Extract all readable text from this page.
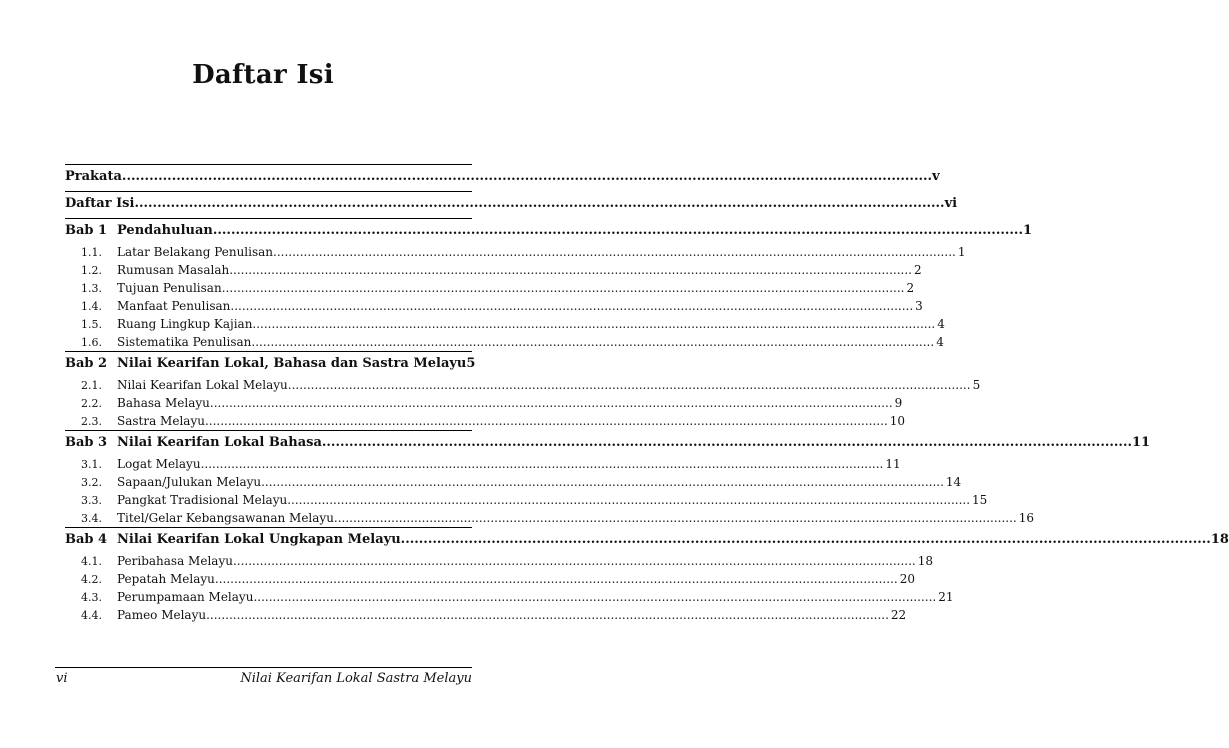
Daftar Isi
Prakata .....	v
Daftar Isi .....	vi
Bab 1 Pendahuluan .....	1
1.1.	Latar Belakang Penulisan .....	1
1.2.	Rumusan Masalah .....	2
1.3.	Tujuan Penulisan .....	2
1.4.	Manfaat Penulisan .....	3
1.5.	Ruang Lingkup Kajian .....	4
1.6.	Sistematika Penulisan .....	4
Bab 2 Nilai Kearifan Lokal, Bahasa dan Sastra Melayu 5
2.1.	Nilai Kearifan Lokal Melayu .....	5
2.2.	Bahasa Melayu .....	9
2.3.	Sastra Melayu .....	10
Bab 3 Nilai Kearifan Lokal Bahasa .....	11
3.1.	Logat Melayu .....	11
3.2.	Sapaan/Julukan Melayu .....	14
3.3.	Pangkat Tradisional Melayu .....	15
3.4.	Titel/Gelar Kebangsawanan Melayu .....	16
Bab 4 Nilai Kearifan Lokal Ungkapan Melayu .....	18
4.1.	Peribahasa Melayu .....	18
4.2.	Pepatah Melayu .....	20
4.3.	Perumpamaan Melayu .....	21
4.4.	Pameo Melayu .....	22
vi	Nilai Kearifan Lokal Sastra Melayu
